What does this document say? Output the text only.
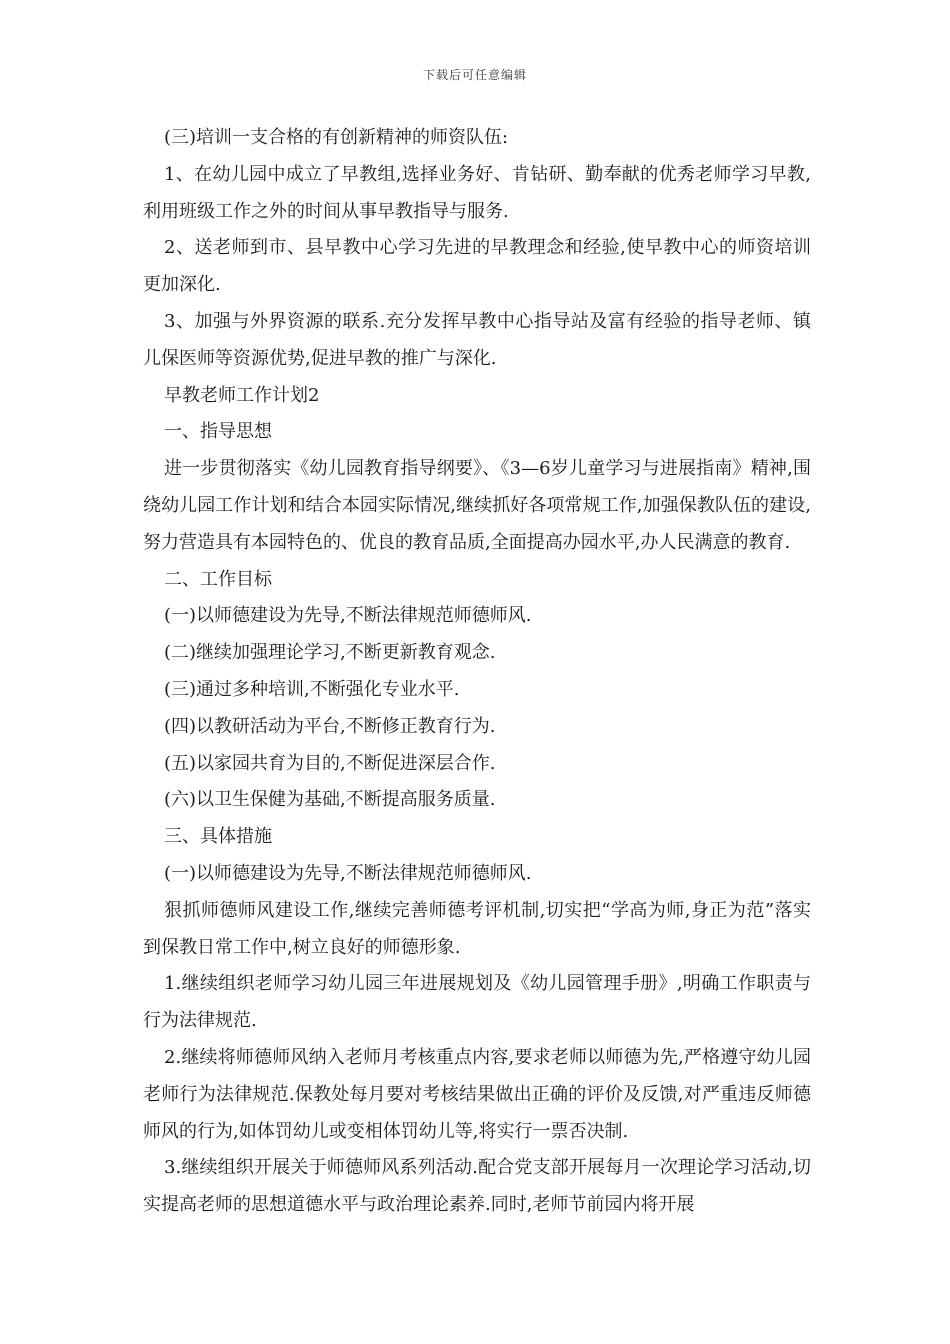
下载后可任意编辑

(三)培训一支合格的有创新精神的师资队伍:

1、在幼儿园中成立了早教组,选择业务好、肯钻研、勤奉献的优秀老师学习早教,利用班级工作之外的时间从事早教指导与服务.

2、送老师到市、县早教中心学习先进的早教理念和经验,使早教中心的师资培训更加深化.

3、加强与外界资源的联系.充分发挥早教中心指导站及富有经验的指导老师、镇儿保医师等资源优势,促进早教的推广与深化.

早教老师工作计划2

一、指导思想

进一步贯彻落实《幼儿园教育指导纲要》、《3—6岁儿童学习与进展指南》精神,围绕幼儿园工作计划和结合本园实际情况,继续抓好各项常规工作,加强保教队伍的建设,努力营造具有本园特色的、优良的教育品质,全面提高办园水平,办人民满意的教育.

二、工作目标

(一)以师德建设为先导,不断法律规范师德师风.

(二)继续加强理论学习,不断更新教育观念.

(三)通过多种培训,不断强化专业水平.

(四)以教研活动为平台,不断修正教育行为.

(五)以家园共育为目的,不断促进深层合作.

(六)以卫生保健为基础,不断提高服务质量.

三、具体措施

(一)以师德建设为先导,不断法律规范师德师风.

狠抓师德师风建设工作,继续完善师德考评机制,切实把“学高为师,身正为范”落实到保教日常工作中,树立良好的师德形象.

1.继续组织老师学习幼儿园三年进展规划及《幼儿园管理手册》,明确工作职责与行为法律规范.

2.继续将师德师风纳入老师月考核重点内容,要求老师以师德为先,严格遵守幼儿园老师行为法律规范.保教处每月要对考核结果做出正确的评价及反馈,对严重违反师德师风的行为,如体罚幼儿或变相体罚幼儿等,将实行一票否决制.

3.继续组织开展关于师德师风系列活动.配合党支部开展每月一次理论学习活动,切实提高老师的思想道德水平与政治理论素养.同时,老师节前园内将开展
